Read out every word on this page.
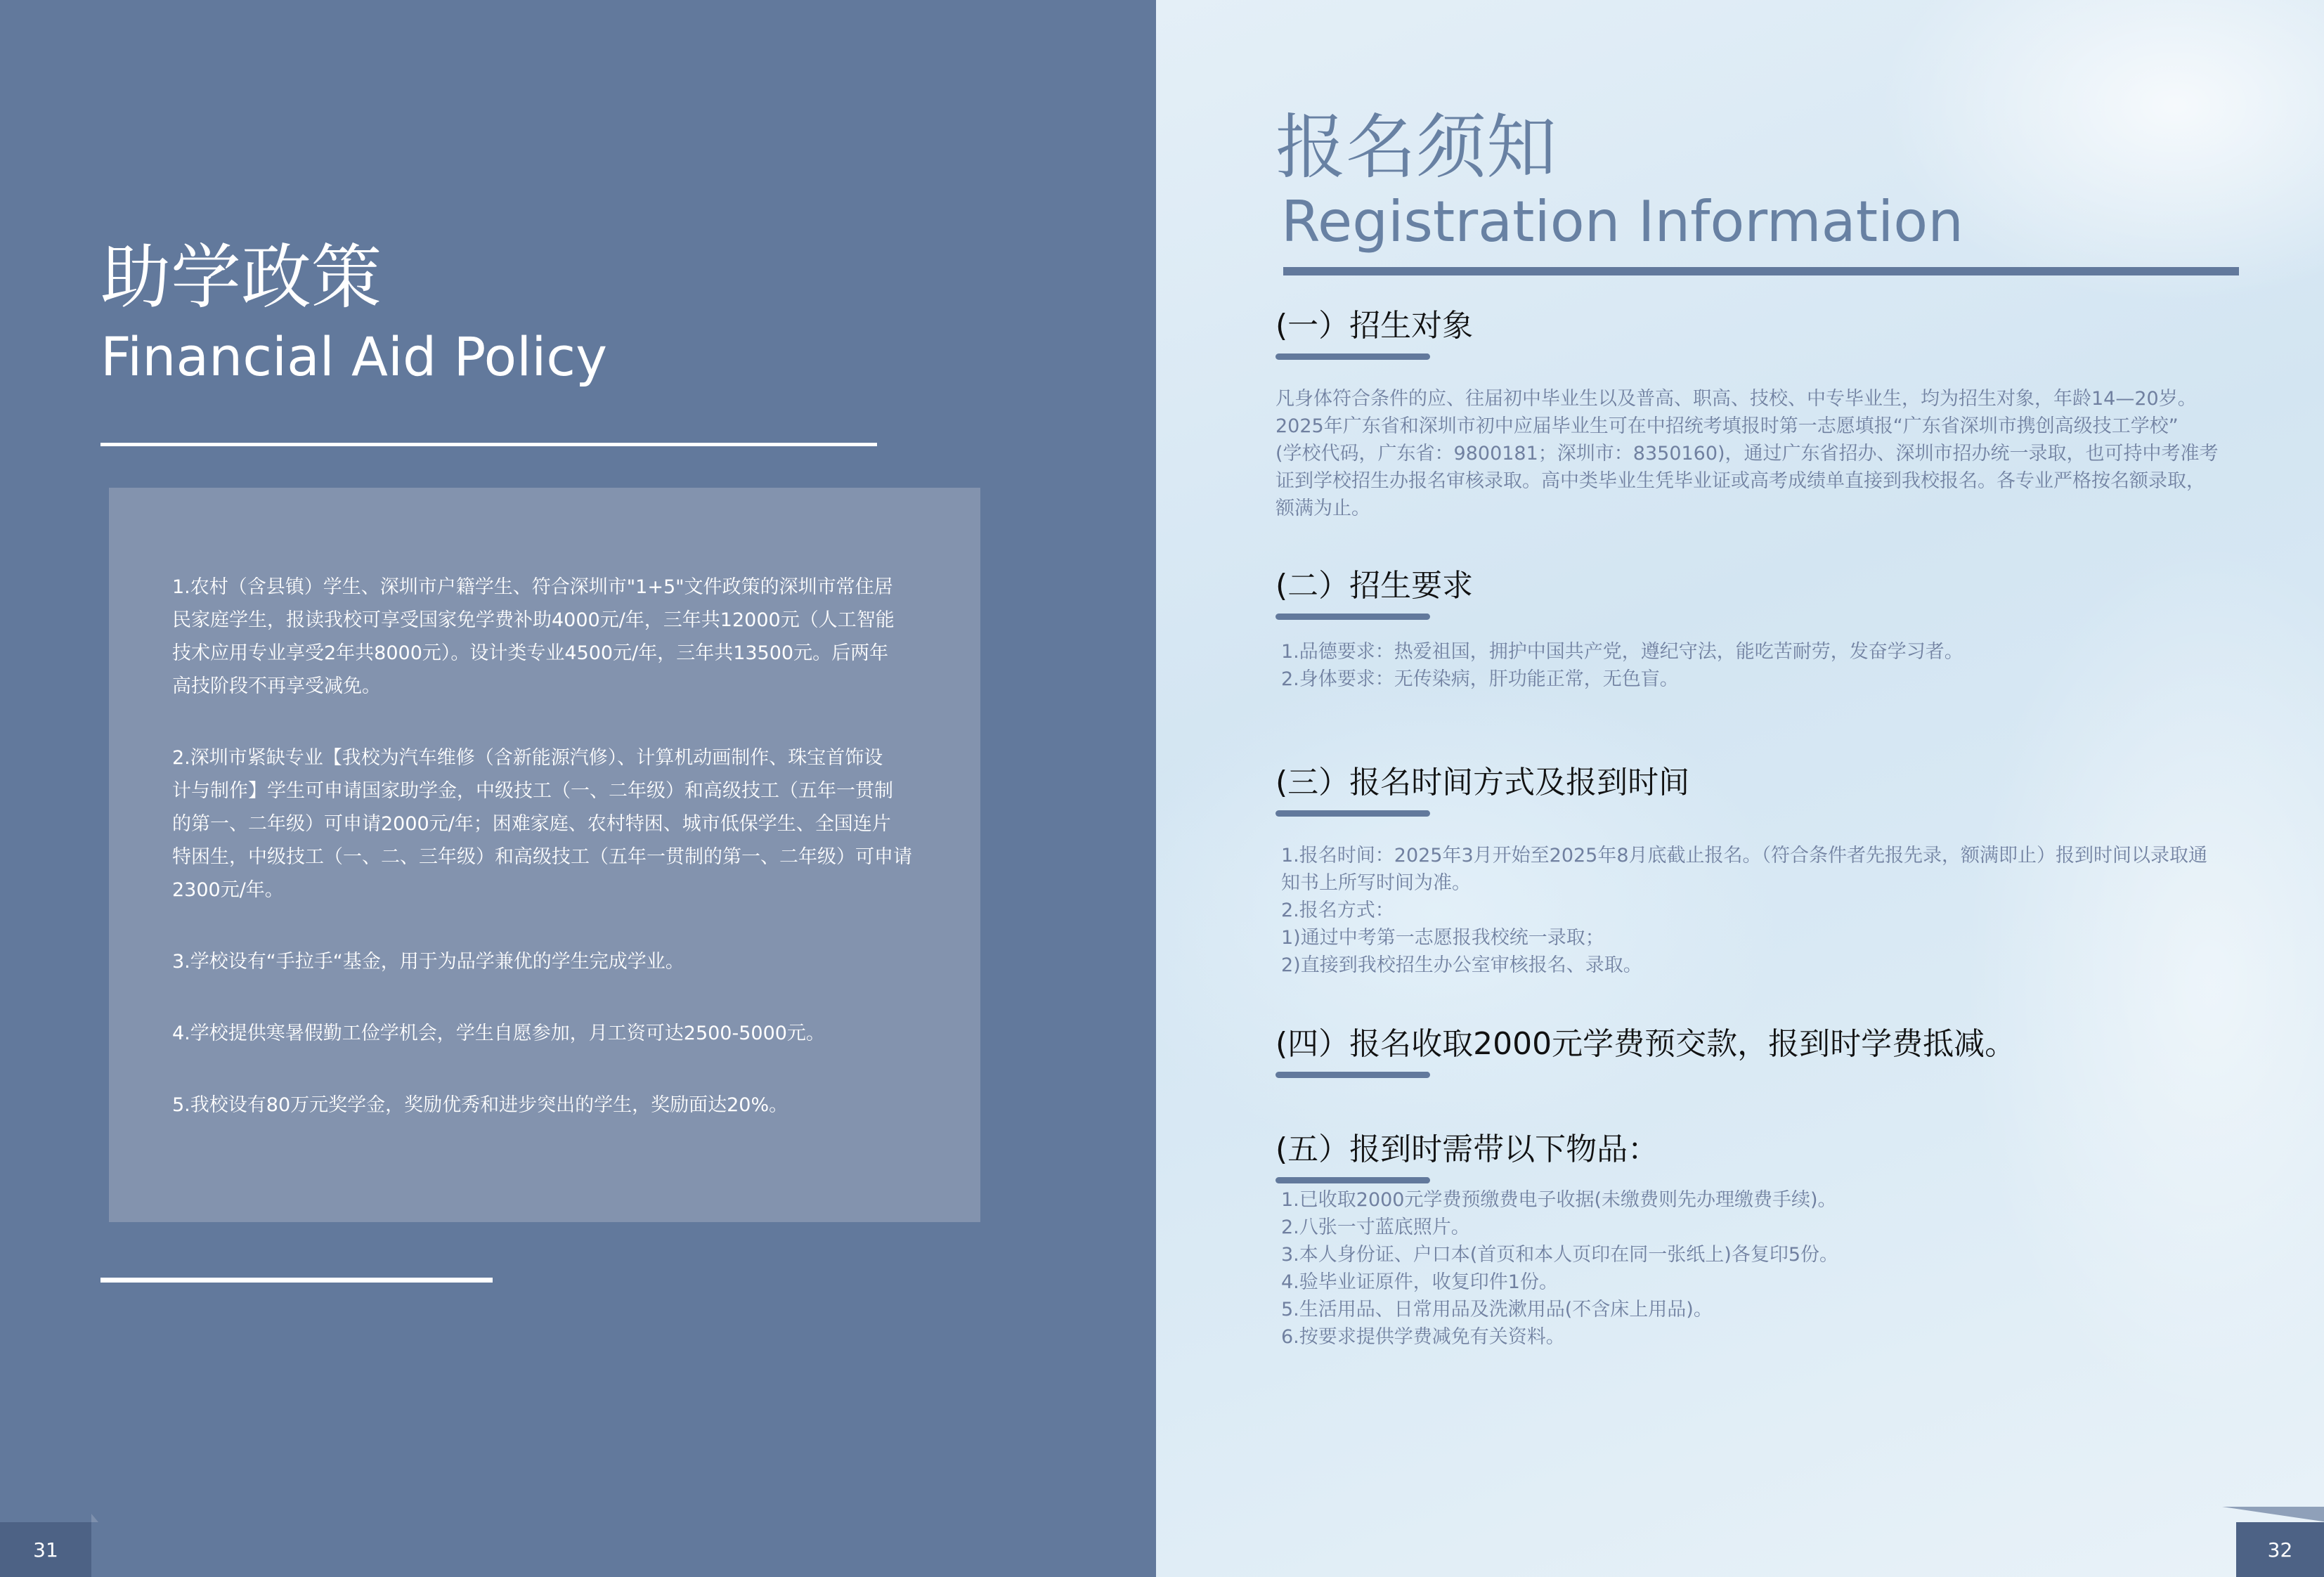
助学政策
Financial Aid Policy

1.农村（含县镇）学生、深圳市户籍学生、符合深圳市"1+5"文件政策的深圳市常住居
民家庭学生，报读我校可享受国家免学费补助4000元/年，三年共12000元（人工智能
技术应用专业享受2年共8000元）。设计类专业4500元/年，三年共13500元。后两年
高技阶段不再享受减免。

2.深圳市紧缺专业【我校为汽车维修（含新能源汽修）、计算机动画制作、珠宝首饰设
计与制作】学生可申请国家助学金，中级技工（一、二年级）和高级技工（五年一贯制
的第一、二年级）可申请2000元/年；困难家庭、农村特困、城市低保学生、全国连片
特困生，中级技工（一、二、三年级）和高级技工（五年一贯制的第一、二年级）可申请
2300元/年。

3.学校设有“手拉手“基金，用于为品学兼优的学生完成学业。

4.学校提供寒暑假勤工俭学机会，学生自愿参加，月工资可达2500-5000元。

5.我校设有80万元奖学金，奖励优秀和进步突出的学生，奖励面达20%。

31
报名须知
Registration Information
(一）招生对象

凡身体符合条件的应、往届初中毕业生以及普高、职高、技校、中专毕业生，均为招生对象，年龄14—20岁。
2025年广东省和深圳市初中应届毕业生可在中招统考填报时第一志愿填报“广东省深圳市携创高级技工学校”
(学校代码，广东省：9800181；深圳市：8350160)，通过广东省招办、深圳市招办统一录取，也可持中考准考
证到学校招生办报名审核录取。高中类毕业生凭毕业证或高考成绩单直接到我校报名。各专业严格按名额录取，
额满为止。

(二）招生要求

1.品德要求：热爱祖国，拥护中国共产党，遵纪守法，能吃苦耐劳，发奋学习者。
2.身体要求：无传染病，肝功能正常，无色盲。

(三）报名时间方式及报到时间

1.报名时间：2025年3月开始至2025年8月底截止报名。（符合条件者先报先录，额满即止）报到时间以录取通
知书上所写时间为准。
2.报名方式：
1)通过中考第一志愿报我校统一录取；
2)直接到我校招生办公室审核报名、录取。

(四）报名收取2000元学费预交款，报到时学费抵减。
(五）报到时需带以下物品：

1.已收取2000元学费预缴费电子收据(未缴费则先办理缴费手续)。
2.八张一寸蓝底照片。
3.本人身份证、户口本(首页和本人页印在同一张纸上)各复印5份。
4.验毕业证原件，收复印件1份。
5.生活用品、日常用品及洗漱用品(不含床上用品)。
6.按要求提供学费减免有关资料。

32
